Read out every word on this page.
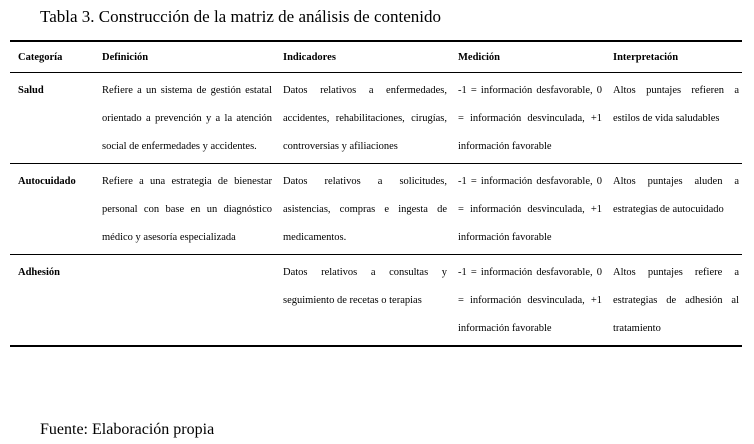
Tabla 3. Construcción de la matriz de análisis de contenido
Categoría	Definición	Indicadores	Medición	Interpretación
Salud	Refiere a un sistema de gestión estatal orientado a prevención y a la atención social de enfermedades y accidentes.	Datos relativos a enfermedades, accidentes, rehabilitaciones, cirugías, controversias y afiliaciones	-1 = información desfavorable, 0 = información desvinculada, +1 información favorable	Altos puntajes refieren a estilos de vida saludables
Autocuidado	Refiere a una estrategia de bienestar personal con base en un diagnóstico médico y asesoría especializada	Datos relativos a solicitudes, asistencias, compras e ingesta de medicamentos.	-1 = información desfavorable, 0 = información desvinculada, +1 información favorable	Altos puntajes aluden a estrategias de autocuidado
Adhesión		Datos relativos a consultas y seguimiento de recetas o terapias	-1 = información desfavorable, 0 = información desvinculada, +1 información favorable	Altos puntajes refiere a estrategias de adhesión al tratamiento
Fuente: Elaboración propia
